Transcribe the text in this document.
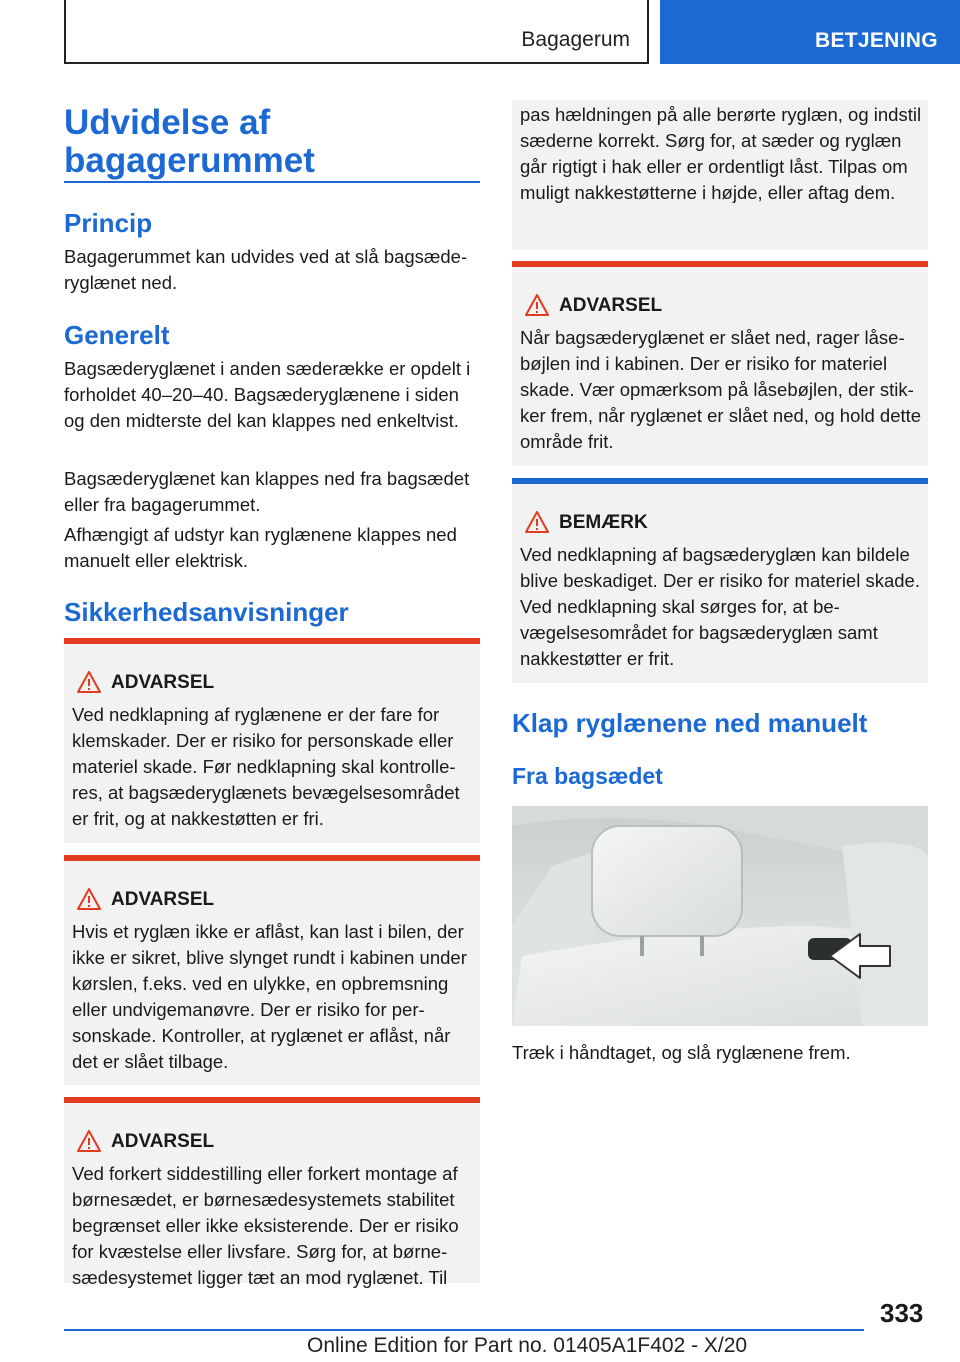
Bagagerum	BETJENING
Udvidelse af
bagagerummet
Princip

Bagagerummet kan udvides ved at slå bagsæderyglænet ned.

Generelt

Bagsæderyglænet i anden sæderække er opdelt i forholdet 40–20–40. Bagsæderyglænene i siden og den midterste del kan klappes ned enkeltvist.

Bagsæderyglænet kan klappes ned fra bagsædet eller fra bagagerummet.

Afhængigt af udstyr kan ryglænene klappes ned manuelt eller elektrisk.

Sikkerhedsanvisninger
ADVARSEL

Ved nedklapning af ryglænene er der fare for klemskader. Der er risiko for personskade eller materiel skade. Før nedklapning skal kontrolleres, at bagsæderyglænets bevægelsesområdet er frit, og at nakkestøtten er fri.

ADVARSEL

Hvis et ryglæn ikke er aflåst, kan last i bilen, der ikke er sikret, blive slynget rundt i kabinen under kørslen, f.eks. ved en ulykke, en opbremsning eller undvigemanøvre. Der er risiko for personskade. Kontroller, at ryglænet er aflåst, når det er slået tilbage.

ADVARSEL

Ved forkert siddestilling eller forkert montage af børnesædet, er børnesædesystemets stabilitet begrænset eller ikke eksisterende. Der er risiko for kvæstelse eller livsfare. Sørg for, at børnesædesystemet ligger tæt an mod ryglænet. Til

pas hældningen på alle berørte ryglæn, og indstil sæderne korrekt. Sørg for, at sæder og ryglæn går rigtigt i hak eller er ordentligt låst. Tilpas om muligt nakkestøtterne i højde, eller aftag dem.

ADVARSEL

Når bagsæderyglænet er slået ned, rager låsebøjlen ind i kabinen. Der er risiko for materiel skade. Vær opmærksom på låsebøjlen, der stikker frem, når ryglænet er slået ned, og hold dette område frit.

BEMÆRK

Ved nedklapning af bagsæderyglæn kan bildele blive beskadiget. Der er risiko for materiel skade. Ved nedklapning skal sørges for, at bevægelsesområdet for bagsæderyglæn samt nakkestøtter er frit.

Klap ryglænene ned manuelt
Fra bagsædet

Træk i håndtaget, og slå ryglænene frem.

333
Online Edition for Part no. 01405A1F402 - X/20
